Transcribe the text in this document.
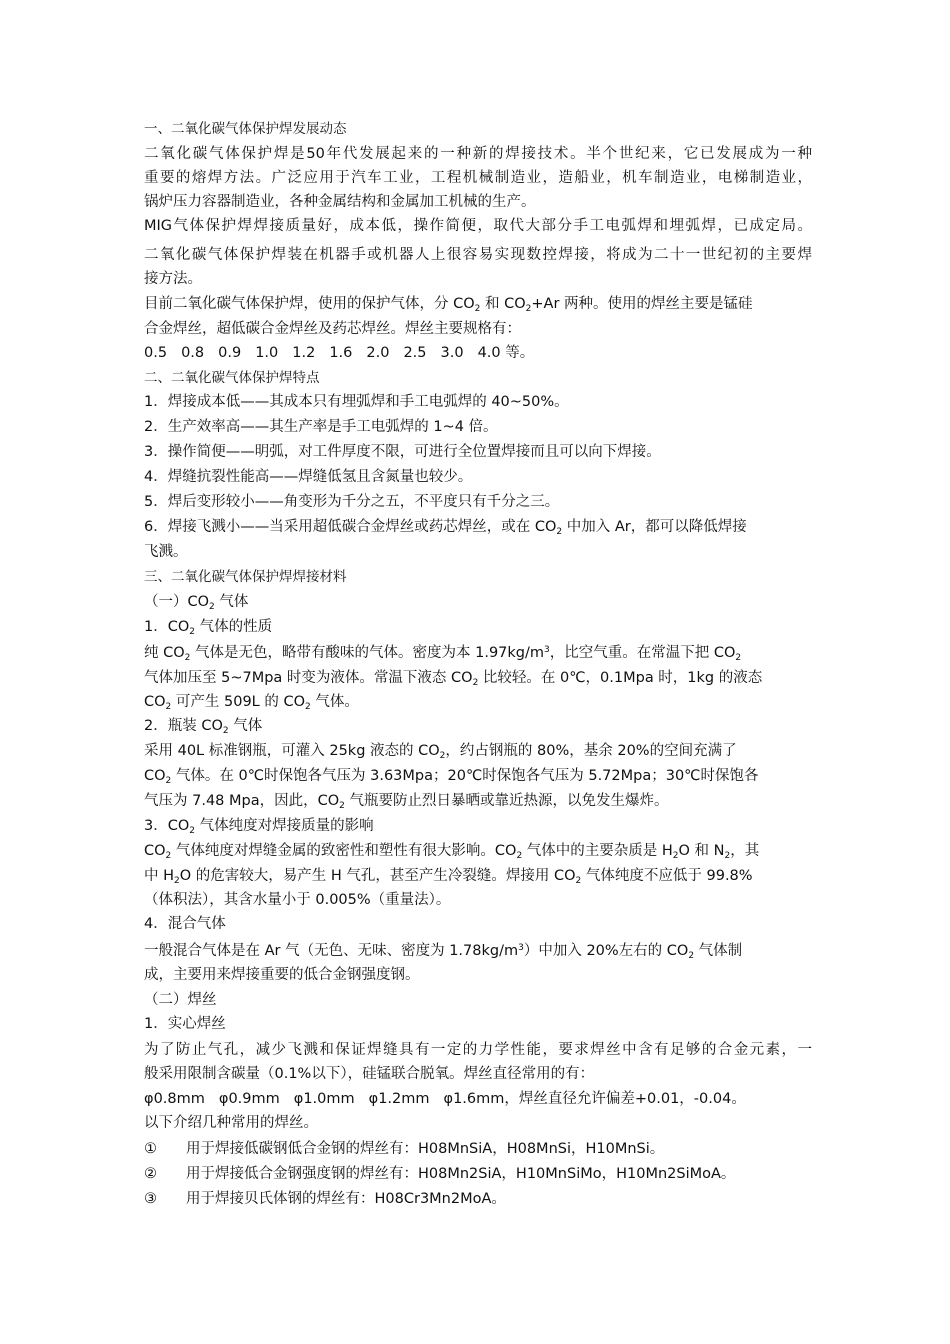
一、二氧化碳气体保护焊发展动态
二氧化碳气体保护焊是50年代发展起来的一种新的焊接技术。半个世纪来，它已发展成为一种
重要的熔焊方法。广泛应用于汽车工业，工程机械制造业，造船业，机车制造业，电梯制造业，
锅炉压力容器制造业，各种金属结构和金属加工机械的生产。
MIG气体保护焊焊接质量好，成本低，操作简便，取代大部分手工电弧焊和埋弧焊，已成定局。
二氧化碳气体保护焊装在机器手或机器人上很容易实现数控焊接，将成为二十一世纪初的主要焊
接方法。
目前二氧化碳气体保护焊，使用的保护气体，分 $CO_2$ 和 $CO_2+Ar$ 两种。使用的焊丝主要是锰硅
合金焊丝，超低碳合金焊丝及药芯焊丝。焊丝主要规格有：
0.5 0.8 0.9 1.0 1.2 1.6 2.0 2.5 3.0 4.0 等。
二、二氧化碳气体保护焊特点
1．焊接成本低——其成本只有埋弧焊和手工电弧焊的 40~50%。
2．生产效率高——其生产率是手工电弧焊的 1~4 倍。
3．操作简便——明弧，对工件厚度不限，可进行全位置焊接而且可以向下焊接。
4．焊缝抗裂性能高——焊缝低氢且含氮量也较少。
5．焊后变形较小——角变形为千分之五，不平度只有千分之三。
6．焊接飞溅小——当采用超低碳合金焊丝或药芯焊丝，或在 $CO_2$ 中加入 Ar，都可以降低焊接
飞溅。
三、二氧化碳气体保护焊焊接材料
（一）$CO_2$ 气体
1．$CO_2$ 气体的性质
纯 $CO_2$ 气体是无色，略带有酸味的气体。密度为本 $1.97kg/m^3$，比空气重。在常温下把 $CO_2$
气体加压至 5~7Mpa 时变为液体。常温下液态 $CO_2$ 比较轻。在 0℃，0.1Mpa 时，1kg 的液态
$CO_2$ 可产生 509L 的 $CO_2$ 气体。
2．瓶装 $CO_2$ 气体
采用 40L 标准钢瓶，可灌入 25kg 液态的 $CO_2$，约占钢瓶的 80%，基余 20%的空间充满了
$CO_2$ 气体。在 0℃时保饱各气压为 3.63Mpa；20℃时保饱各气压为 5.72Mpa；30℃时保饱各
气压为 7.48 Mpa，因此，$CO_2$ 气瓶要防止烈日暴晒或靠近热源，以免发生爆炸。
3．$CO_2$ 气体纯度对焊接质量的影响
$CO_2$ 气体纯度对焊缝金属的致密性和塑性有很大影响。$CO_2$ 气体中的主要杂质是 $H_2O$ 和 $N_2$，其
中 $H_2O$ 的危害较大，易产生 H 气孔，甚至产生冷裂缝。焊接用 $CO_2$ 气体纯度不应低于 99.8%
（体积法），其含水量小于 0.005%（重量法）。
4．混合气体
一般混合气体是在 Ar 气（无色、无味、密度为 $1.78kg/m^3$）中加入 20%左右的 $CO_2$ 气体制
成，主要用来焊接重要的低合金钢强度钢。
（二）焊丝
1．实心焊丝
为了防止气孔，减少飞溅和保证焊缝具有一定的力学性能，要求焊丝中含有足够的合金元素，一
般采用限制含碳量（0.1%以下），硅锰联合脱氧。焊丝直径常用的有：
φ0.8mm φ0.9mm φ1.0mm φ1.2mm φ1.6mm，焊丝直径允许偏差+0.01，-0.04。
以下介绍几种常用的焊丝。
① 用于焊接低碳钢低合金钢的焊丝有：H08MnSiA，H08MnSi，H10MnSi。
② 用于焊接低合金钢强度钢的焊丝有：H08Mn2SiA，H10MnSiMo，H10Mn2SiMoA。
③ 用于焊接贝氏体钢的焊丝有：H08Cr3Mn2MoA。
